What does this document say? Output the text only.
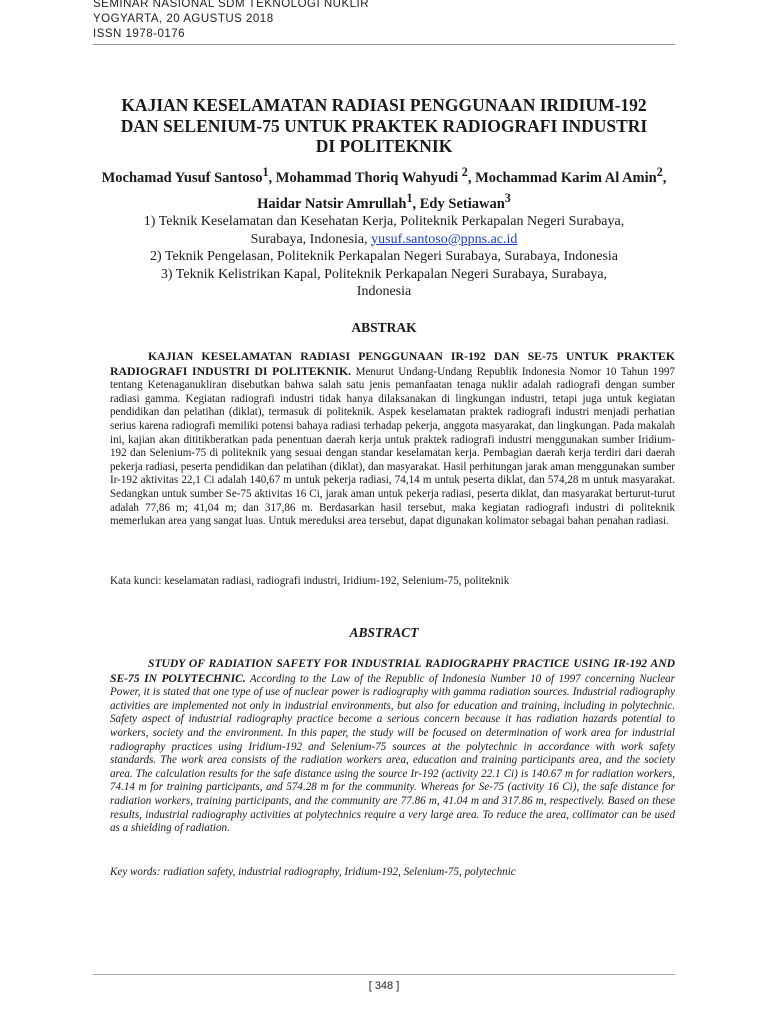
SEMINAR NASIONAL SDM TEKNOLOGI NUKLIR
YOGYARTA, 20 AGUSTUS 2018
ISSN 1978-0176
KAJIAN KESELAMATAN RADIASI PENGGUNAAN IRIDIUM-192
DAN SELENIUM-75 UNTUK PRAKTEK RADIOGRAFI INDUSTRI
DI POLITEKNIK
Mochamad Yusuf Santoso$^1$, Mohammad Thoriq Wahyudi $^2$, Mochammad Karim Al Amin$^2$, Haidar Natsir Amrullah$^1$, Edy Setiawan$^3$
1) Teknik Keselamatan dan Kesehatan Kerja, Politeknik Perkapalan Negeri Surabaya,
Surabaya, Indonesia, yusuf.santoso@ppns.ac.id
2) Teknik Pengelasan, Politeknik Perkapalan Negeri Surabaya, Surabaya, Indonesia
3) Teknik Kelistrikan Kapal, Politeknik Perkapalan Negeri Surabaya, Surabaya,
Indonesia
ABSTRAK
KAJIAN KESELAMATAN RADIASI PENGGUNAAN IR-192 DAN SE-75 UNTUK PRAKTEK RADIOGRAFI INDUSTRI DI POLITEKNIK. Menurut Undang-Undang Republik Indonesia Nomor 10 Tahun 1997 tentang Ketenaganukliran disebutkan bahwa salah satu jenis pemanfaatan tenaga nuklir adalah radiografi dengan sumber radiasi gamma. Kegiatan radiografi industri tidak hanya dilaksanakan di lingkungan industri, tetapi juga untuk kegiatan pendidikan dan pelatihan (diklat), termasuk di politeknik. Aspek keselamatan praktek radiografi industri menjadi perhatian serius karena radiografi memiliki potensi bahaya radiasi terhadap pekerja, anggota masyarakat, dan lingkungan. Pada makalah ini, kajian akan dititikberatkan pada penentuan daerah kerja untuk praktek radiografi industri menggunakan sumber Iridium-192 dan Selenium-75 di politeknik yang sesuai dengan standar keselamatan kerja. Pembagian daerah kerja terdiri dari daerah pekerja radiasi, peserta pendidikan dan pelatihan (diklat), dan masyarakat. Hasil perhitungan jarak aman menggunakan sumber Ir-192 aktivitas 22,1 Ci adalah 140,67 m untuk pekerja radiasi, 74,14 m untuk peserta diklat, dan 574,28 m untuk masyarakat. Sedangkan untuk sumber Se-75 aktivitas 16 Ci, jarak aman untuk pekerja radiasi, peserta diklat, dan masyarakat berturut-turut adalah 77,86 m; 41,04 m; dan 317,86 m. Berdasarkan hasil tersebut, maka kegiatan radiografi industri di politeknik memerlukan area yang sangat luas. Untuk mereduksi area tersebut, dapat digunakan kolimator sebagai bahan penahan radiasi.
Kata kunci: keselamatan radiasi, radiografi industri, Iridium-192, Selenium-75, politeknik
ABSTRACT
STUDY OF RADIATION SAFETY FOR INDUSTRIAL RADIOGRAPHY PRACTICE USING IR-192 AND SE-75 IN POLYTECHNIC. According to the Law of the Republic of Indonesia Number 10 of 1997 concerning Nuclear Power, it is stated that one type of use of nuclear power is radiography with gamma radiation sources. Industrial radiography activities are implemented not only in industrial environments, but also for education and training, including in polytechnic. Safety aspect of industrial radiography practice become a serious concern because it has radiation hazards potential to workers, society and the environment. In this paper, the study will be focused on determination of work area for industrial radiography practices using Iridium-192 and Selenium-75 sources at the polytechnic in accordance with work safety standards. The work area consists of the radiation workers area, education and training participants area, and the society area. The calculation results for the safe distance using the source Ir-192 (activity 22.1 Ci) is 140.67 m for radiation workers, 74.14 m for training participants, and 574.28 m for the community. Whereas for Se-75 (activity 16 Ci), the safe distance for radiation workers, training participants, and the community are 77.86 m, 41.04 m and 317.86 m, respectively. Based on these results, industrial radiography activities at polytechnics require a very large area. To reduce the area, collimator can be used as a shielding of radiation.
Key words: radiation safety, industrial radiography, Iridium-192, Selenium-75, polytechnic
[ 348 ]
